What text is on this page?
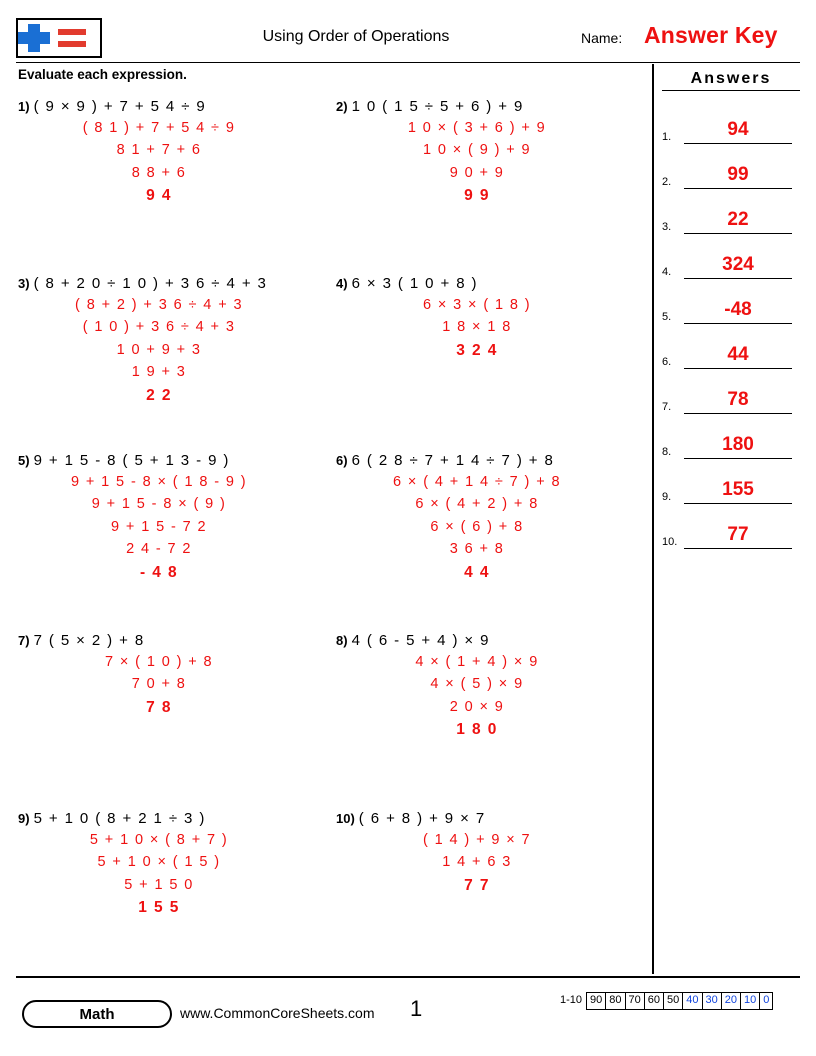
Using Order of Operations	Name: Answer Key
Evaluate each expression.	Answers
1.	94
2.	99
3.	22
4.	324
5.	-48
6.	44
7.	78
8.	180
9.	155
10.	77
1) ( 9 × 9 ) + 7 + 5 4 ÷ 9
( 8 1 ) + 7 + 5 4 ÷ 9
8 1 + 7 + 6
8 8 + 6
9 4
2) 1 0 ( 1 5 ÷ 5 + 6 ) + 9
1 0 × ( 3 + 6 ) + 9
1 0 × ( 9 ) + 9
9 0 + 9
9 9
3) ( 8 + 2 0 ÷ 1 0 ) + 3 6 ÷ 4 + 3
( 8 + 2 ) + 3 6 ÷ 4 + 3
( 1 0 ) + 3 6 ÷ 4 + 3
1 0 + 9 + 3
1 9 + 3
2 2
4) 6 × 3 ( 1 0 + 8 )
6 × 3 × ( 1 8 )
1 8 × 1 8
3 2 4
5) 9 + 1 5 - 8 ( 5 + 1 3 - 9 )
9 + 1 5 - 8 × ( 1 8 - 9 )
9 + 1 5 - 8 × ( 9 )
9 + 1 5 - 7 2
2 4 - 7 2
- 4 8
6) 6 ( 2 8 ÷ 7 + 1 4 ÷ 7 ) + 8
6 × ( 4 + 1 4 ÷ 7 ) + 8
6 × ( 4 + 2 ) + 8
6 × ( 6 ) + 8
3 6 + 8
4 4
7) 7 ( 5 × 2 ) + 8
7 × ( 1 0 ) + 8
7 0 + 8
7 8
8) 4 ( 6 - 5 + 4 ) × 9
4 × ( 1 + 4 ) × 9
4 × ( 5 ) × 9
2 0 × 9
1 8 0
9) 5 + 1 0 ( 8 + 2 1 ÷ 3 )
5 + 1 0 × ( 8 + 7 )
5 + 1 0 × ( 1 5 )
5 + 1 5 0
1 5 5
10) ( 6 + 8 ) + 9 × 7
( 1 4 ) + 9 × 7
1 4 + 6 3
7 7
Math	www.CommonCoreSheets.com 1	1-10 90 80 70 60 50 40 30 20 10 0
